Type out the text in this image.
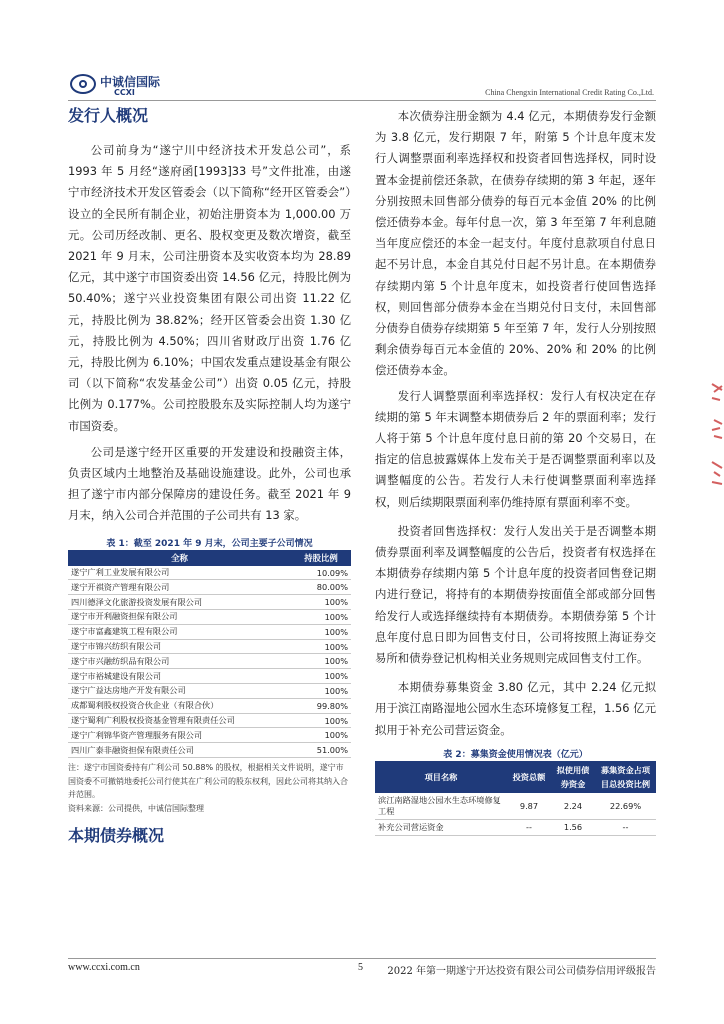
中诚信国际
CCXI	China Chengxin International Credit Rating Co.,Ltd.
发行人概况

公司前身为“遂宁川中经济技术开发总公司”，系 1993 年 5 月经“遂府函[1993]33 号”文件批准，由遂宁市经济技术开发区管委会（以下简称“经开区管委会”）设立的全民所有制企业，初始注册资本为 1,000.00 万元。公司历经改制、更名、股权变更及数次增资，截至 2021 年 9 月末，公司注册资本及实收资本均为 28.89 亿元，其中遂宁市国资委出资 14.56 亿元，持股比例为 50.40%；遂宁兴业投资集团有限公司出资 11.22 亿元，持股比例为 38.82%；经开区管委会出资 1.30 亿元，持股比例为 4.50%；四川省财政厅出资 1.76 亿元，持股比例为 6.10%；中国农发重点建设基金有限公司（以下简称“农发基金公司”）出资 0.05 亿元，持股比例为 0.177%。公司控股股东及实际控制人均为遂宁市国资委。

公司是遂宁经开区重要的开发建设和投融资主体，负责区域内土地整治及基础设施建设。此外，公司也承担了遂宁市内部分保障房的建设任务。截至 2021 年 9 月末，纳入公司合并范围的子公司共有 13 家。

表 1：截至 2021 年 9 月末，公司主要子公司情况
全称	持股比例
遂宁广利工业发展有限公司	10.09%
遂宁开祺资产管理有限公司	80.00%
四川德泽文化旅游投资发展有限公司	100%
遂宁市开利融资担保有限公司	100%
遂宁市富鑫建筑工程有限公司	100%
遂宁市锦兴纺织有限公司	100%
遂宁市兴融纺织品有限公司	100%
遂宁市裕城建设有限公司	100%
遂宁广益达房地产开发有限公司	100%
成都蜀利股权投资合伙企业（有限合伙）	99.80%
遂宁蜀利广利股权投资基金管理有限责任公司	100%
遂宁广利锦华资产管理服务有限公司	100%
四川广泰非融资担保有限责任公司	51.00%
注：遂宁市国资委持有广利公司 50.88% 的股权，根据相关文件说明，遂宁市国资委不可撤销地委托公司行使其在广利公司的股东权利，因此公司将其纳入合并范围。
资料来源：公司提供，中诚信国际整理
本期债券概况

本次债券注册金额为 4.4 亿元，本期债券发行金额为 3.8 亿元，发行期限 7 年，附第 5 个计息年度末发行人调整票面利率选择权和投资者回售选择权，同时设置本金提前偿还条款，在债券存续期的第 3 年起，逐年分别按照未回售部分债券的每百元本金值 20% 的比例偿还债券本金。每年付息一次，第 3 年至第 7 年利息随当年度应偿还的本金一起支付。年度付息款项自付息日起不另计息，本金自其兑付日起不另计息。在本期债券存续期内第 5 个计息年度末，如投资者行使回售选择权，则回售部分债券本金在当期兑付日支付，未回售部分债券自债券存续期第 5 年至第 7 年，发行人分别按照剩余债券每百元本金值的 20%、20% 和 20% 的比例偿还债券本金。

发行人调整票面利率选择权：发行人有权决定在存续期的第 5 年末调整本期债券后 2 年的票面利率；发行人将于第 5 个计息年度付息日前的第 20 个交易日，在指定的信息披露媒体上发布关于是否调整票面利率以及调整幅度的公告。若发行人未行使调整票面利率选择权，则后续期限票面利率仍维持原有票面利率不变。

投资者回售选择权：发行人发出关于是否调整本期债券票面利率及调整幅度的公告后，投资者有权选择在本期债券存续期内第 5 个计息年度的投资者回售登记期内进行登记，将持有的本期债券按面值全部或部分回售给发行人或选择继续持有本期债券。本期债券第 5 个计息年度付息日即为回售支付日，公司将按照上海证券交易所和债券登记机构相关业务规则完成回售支付工作。

本期债券募集资金 3.80 亿元，其中 2.24 亿元拟用于滨江南路湿地公园水生态环境修复工程，1.56 亿元拟用于补充公司营运资金。

表 2：募集资金使用情况表（亿元）
项目名称	投资总额	拟使用债券资金	募集资金占项目总投资比例
滨江南路湿地公园水生态环境修复工程	9.87	2.24	22.69%
补充公司营运资金	--	1.56	--
www.ccxi.com.cn	5 2022 年第一期遂宁开达投资有限公司公司债券信用评级报告
